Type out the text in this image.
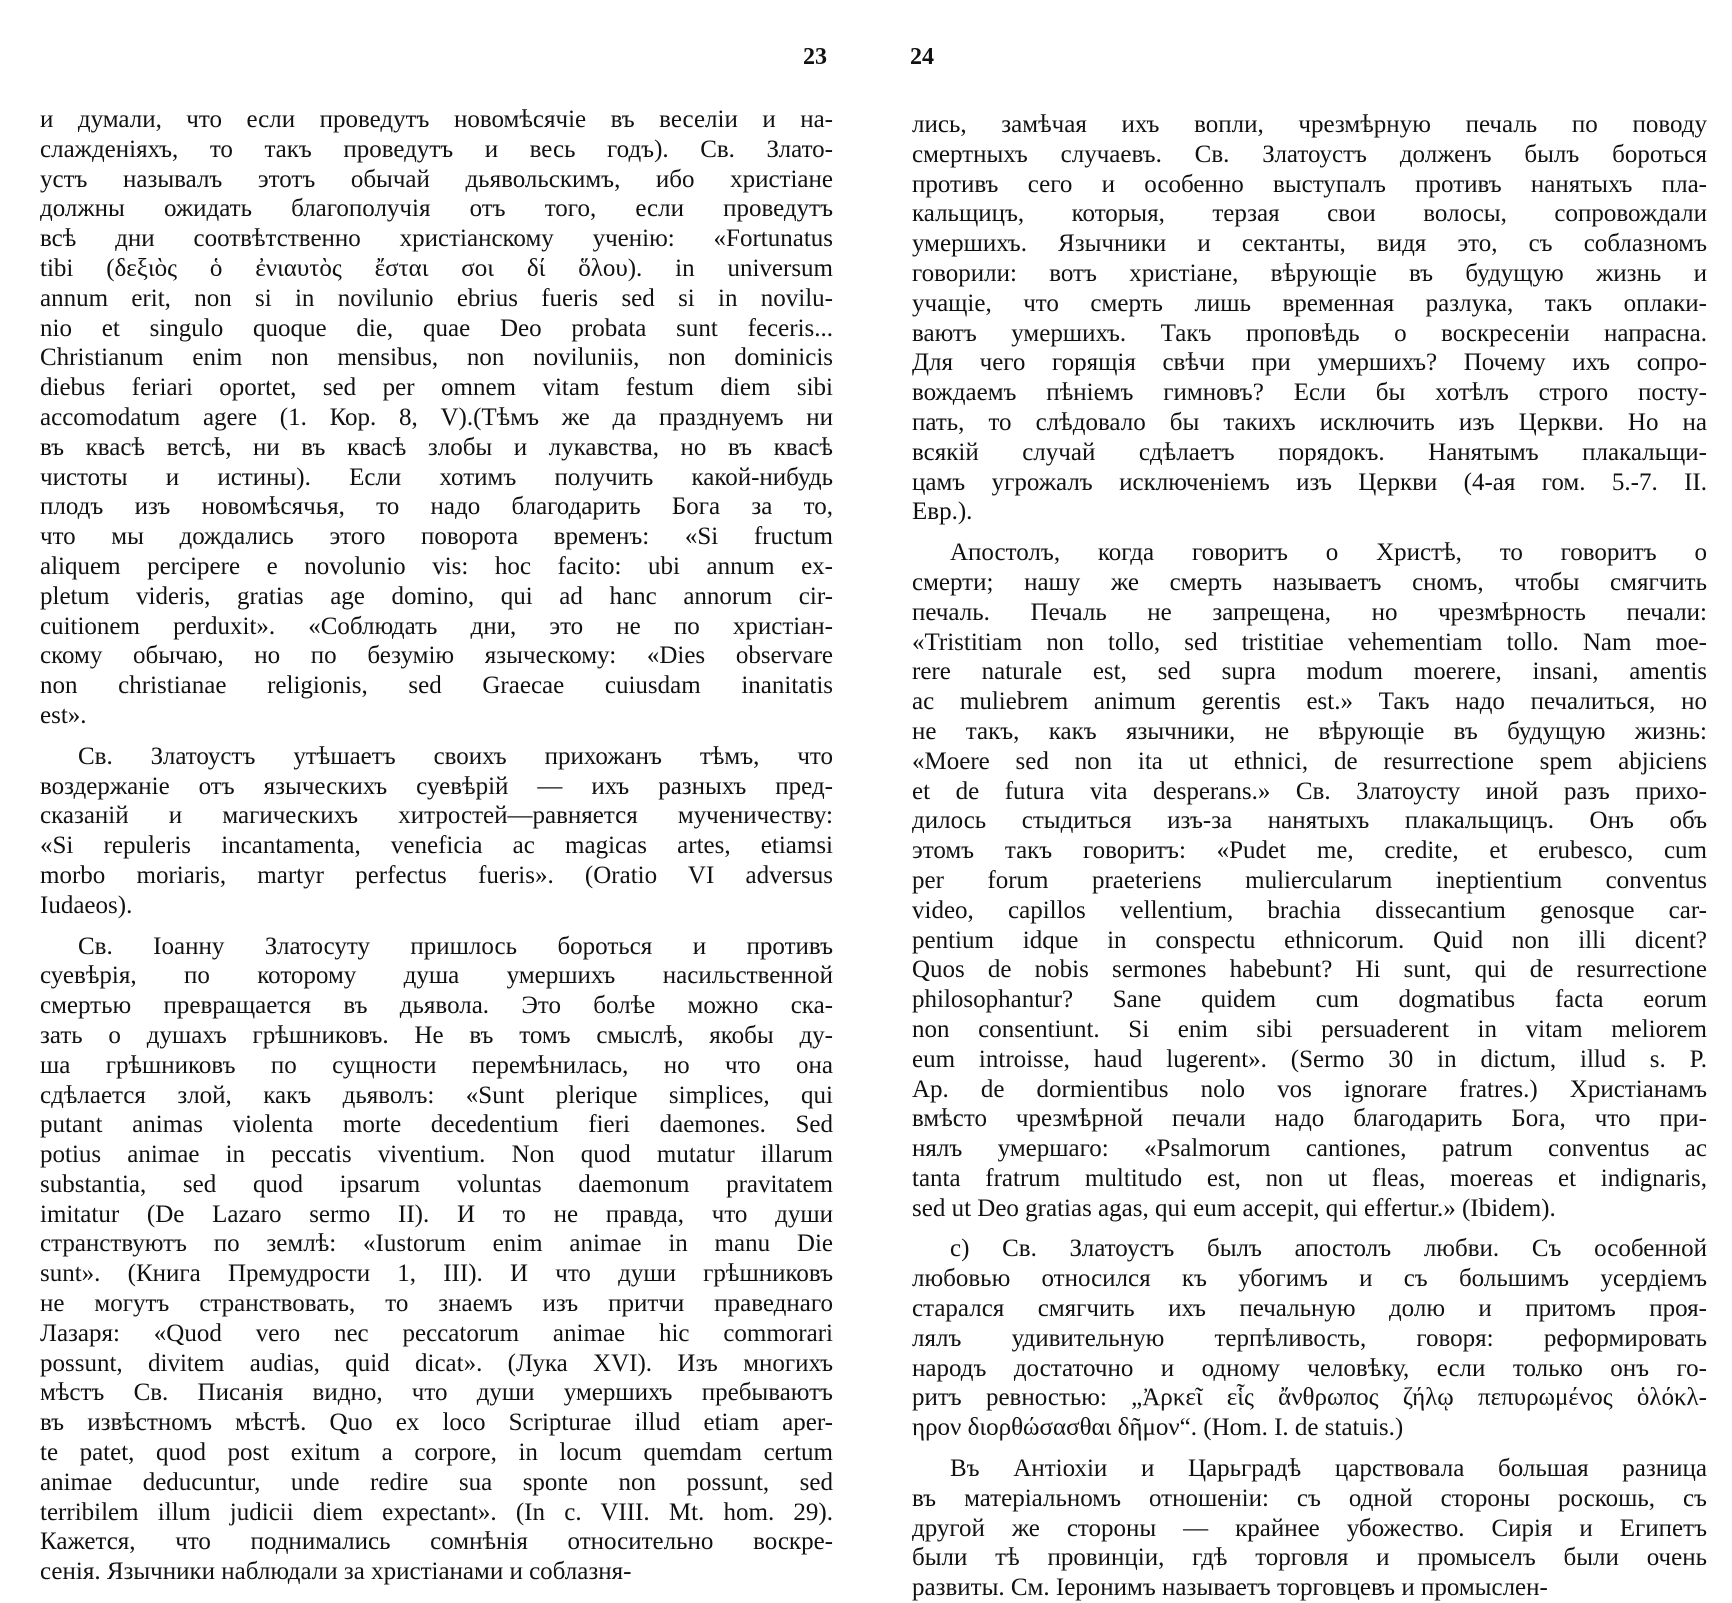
23	24
и думали, что если проведутъ новомѣсячіе въ веселіи и на-
слажденіяхъ, то такъ проведутъ и весь годъ). Св. Злато-
устъ называлъ этотъ обычай дьявольскимъ, ибо христіане
должны ожидать благополучія отъ того, если проведутъ
всѣ дни соотвѣтственно христіанскому ученію: «Fortunatus
tibi (δεξιὸς ὁ ἐνιαυτὸς ἔσται σοι δί ὅλου). in universum
annum erit, non si in novilunio ebrius fueris sed si in novilu-
nio et singulo quoque die, quae Deo probata sunt feceris...
Christianum enim non mensibus, non noviluniis, non dominicis
diebus feriari oportet, sed per omnem vitam festum diem sibi
accomodatum agere (1. Кор. 8, V).(Тѣмъ же да празднуемъ ни
въ квасѣ ветсѣ, ни въ квасѣ злобы и лукавства, но въ квасѣ
чистоты и истины). Если хотимъ получить какой-нибудь
плодъ изъ новомѣсячья, то надо благодарить Бога за то,
что мы дождались этого поворота временъ: «Si fructum
aliquem percipere e novolunio vis: hoc facito: ubi annum ex-
pletum videris, gratias age domino, qui ad hanc annorum cir-
cuitionem perduxit». «Соблюдать дни, это не по христіан-
скому обычаю, но по безумію языческому: «Dies observare
non christianae religionis, sed Graecae cuiusdam inanitatis
est».
Св. Златоустъ утѣшаетъ своихъ прихожанъ тѣмъ, что
воздержаніе отъ языческихъ суевѣрій — ихъ разныхъ пред-
сказаній и магическихъ хитростей—равняется мученичеству:
«Si repuleris incantamenta, veneficia ac magicas artes, etiamsi
morbo moriaris, martyr perfectus fueris». (Oratio VI adversus
Iudaeos).
Св. Іоанну Златосуту пришлось бороться и противъ
суевѣрія, по которому душа умершихъ насильственной
смертью превращается въ дьявола. Это болѣе можно ска-
зать о душахъ грѣшниковъ. Не въ томъ смыслѣ, якобы ду-
ша грѣшниковъ по сущности перемѣнилась, но что она
сдѣлается злой, какъ дьяволъ: «Sunt plerique simplices, qui
putant animas violenta morte decedentium fieri daemones. Sed
potius animae in peccatis viventium. Non quod mutatur illarum
substantia, sed quod ipsarum voluntas daemonum pravitatem
imitatur (De Lazaro sermo II). И то не правда, что души
странствуютъ по землѣ: «Iustorum enim animae in manu Die
sunt». (Книга Премудрости 1, III). И что души грѣшниковъ
не могутъ странствовать, то знаемъ изъ притчи праведнаго
Лазаря: «Quod vero nec peccatorum animae hic commorari
possunt, divitem audias, quid dicat». (Лука XVI). Изъ многихъ
мѣстъ Св. Писанія видно, что души умершихъ пребываютъ
въ извѣстномъ мѣстѣ. Quo ex loco Scripturae illud etiam aper-
te patet, quod post exitum a corpore, in locum quemdam certum
animae deducuntur, unde redire sua sponte non possunt, sed
terribilem illum judicii diem expectant». (In c. VIII. Mt. hom. 29).
Кажется, что поднимались сомнѣнія относительно воскре-
сенія. Язычники наблюдали за христіанами и соблазня-
лись, замѣчая ихъ вопли, чрезмѣрную печаль по поводу
смертныхъ случаевъ. Св. Златоустъ долженъ былъ бороться
противъ сего и особенно выступалъ противъ нанятыхъ пла-
кальщицъ, которыя, терзая свои волосы, сопровождали
умершихъ. Язычники и сектанты, видя это, съ соблазномъ
говорили: вотъ христіане, вѣрующіе въ будущую жизнь и
учащіе, что смерть лишь временная разлука, такъ оплаки-
ваютъ умершихъ. Такъ проповѣдь о воскресеніи напрасна.
Для чего горящія свѣчи при умершихъ? Почему ихъ сопро-
вождаемъ пѣніемъ гимновъ? Если бы хотѣлъ строго посту-
пать, то слѣдовало бы такихъ исключить изъ Церкви. Но на
всякій случай сдѣлаетъ порядокъ. Нанятымъ плакальщи-
цамъ угрожалъ исключеніемъ изъ Церкви (4-ая гом. 5.-7. II.
Евр.).
Апостолъ, когда говоритъ о Христѣ, то говоритъ о
смерти; нашу же смерть называетъ сномъ, чтобы смягчить
печаль. Печаль не запрещена, но чрезмѣрность печали:
«Tristitiam non tollo, sed tristitiae vehementiam tollo. Nam moe-
rere naturale est, sed supra modum moerere, insani, amentis
ac muliebrem animum gerentis est.» Такъ надо печалиться, но
не такъ, какъ язычники, не вѣрующіе въ будущую жизнь:
«Moere sed non ita ut ethnici, de resurrectione spem abjiciens
et de futura vita desperans.» Св. Златоусту иной разъ прихо-
дилось стыдиться изъ-за нанятыхъ плакальщицъ. Онъ объ
этомъ такъ говоритъ: «Pudet me, credite, et erubesco, cum
per forum praeteriens muliercularum ineptientium conventus
video, capillos vellentium, brachia dissecantium genosque car-
pentium idque in conspectu ethnicorum. Quid non illi dicent?
Quos de nobis sermones habebunt? Hi sunt, qui de resurrectione
philosophantur? Sane quidem cum dogmatibus facta eorum
non consentiunt. Si enim sibi persuaderent in vitam meliorem
eum introisse, haud lugerent». (Sermo 30 in dictum, illud s. P.
Ap. de dormientibus nolo vos ignorare fratres.) Христіанамъ
вмѣсто чрезмѣрной печали надо благодарить Бога, что при-
нялъ умершаго: «Psalmorum cantiones, patrum conventus ac
tanta fratrum multitudo est, non ut fleas, moereas et indignaris,
sed ut Deo gratias agas, qui eum accepit, qui effertur.» (Ibidem).
с) Св. Златоустъ былъ апостолъ любви. Съ особенной
любовью относился къ убогимъ и съ большимъ усердіемъ
старался смягчить ихъ печальную долю и притомъ проя-
лялъ удивительную терпѣливость, говоря: реформировать
народъ достаточно и одному человѣку, если только онъ го-
ритъ ревностью: „Ἀρκεῖ εἷς ἄνθρωπος ζήλῳ πεπυρωμένος ὁλόκλ-
ηρον διορθώσασθαι δῆμον“. (Hom. I. de statuis.)
Въ Антіохіи и Царьградѣ царствовала большая разница
въ матеріальномъ отношеніи: съ одной стороны роскошь, съ
другой же стороны — крайнее убожество. Сирія и Египетъ
были тѣ провинціи, гдѣ торговля и промыселъ были очень
развиты. См. Іеронимъ называетъ торговцевъ и промыслен-
